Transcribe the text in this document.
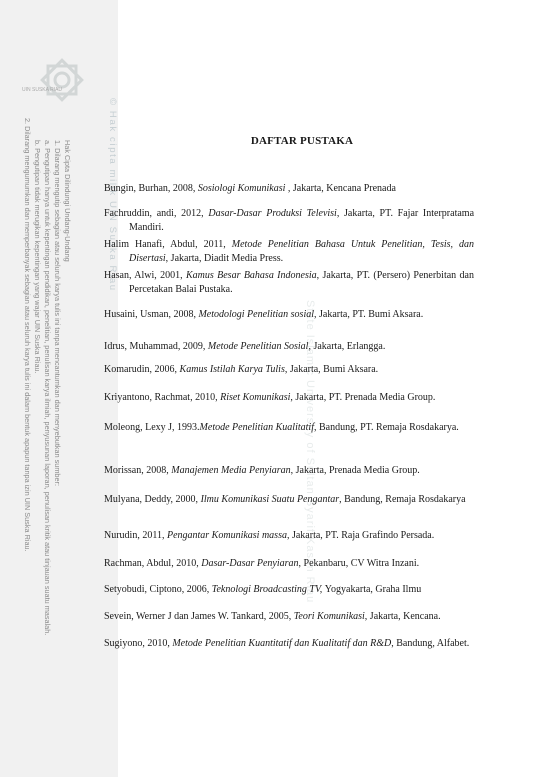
UIN SUSKA RIAU
Hak Cipta Dilindungi Undang-Undang
1. Dilarang mengutip sebagian atau seluruh karya tulis ini tanpa mencantumkan dan menyebutkan sumber:
a. Pengutipan hanya untuk kepentingan pendidikan, penelitian, penulisan karya ilmiah, penyusunan laporan, penulisan kritik atau tinjauan suatu masalah.
b. Pengutipan tidak merugikan kepentingan yang wajar UIN Suska Riau.
2. Dilarang mengumumkan dan memperbanyak sebagian atau seluruh karya tulis ini dalam bentuk apapun tanpa izin UIN Suska Riau.	© Hak cipta milik UIN Suska Riau
State Islamic University of Sultan Syarif Kasim Riau
DAFTAR PUSTAKA
Bungin, Burhan, 2008, Sosiologi Komunikasi , Jakarta, Kencana Prenada
Fachruddin, andi, 2012, Dasar-Dasar Produksi Televisi, Jakarta, PT. Fajar Interpratama Mandiri.
Halim Hanafi, Abdul, 2011, Metode Penelitian Bahasa Untuk Penelitian, Tesis, dan Disertasi, Jakarta, Diadit Media Press.
Hasan, Alwi, 2001, Kamus Besar Bahasa Indonesia, Jakarta, PT. (Persero) Penerbitan dan Percetakan Balai Pustaka.
Husaini, Usman, 2008, Metodologi Penelitian sosial, Jakarta, PT. Bumi Aksara.
Idrus, Muhammad, 2009, Metode Penelitian Sosial, Jakarta, Erlangga.
Komarudin, 2006, Kamus Istilah Karya Tulis, Jakarta, Bumi Aksara.
Kriyantono, Rachmat, 2010, Riset Komunikasi, Jakarta, PT. Prenada Media Group.
Moleong, Lexy J, 1993.Metode Penelitian Kualitatif, Bandung, PT. Remaja Rosdakarya.
Morissan, 2008, Manajemen Media Penyiaran, Jakarta, Prenada Media Group.
Mulyana, Deddy, 2000, Ilmu Komunikasi Suatu Pengantar, Bandung, Remaja Rosdakarya
Nurudin, 2011, Pengantar Komunikasi massa, Jakarta, PT. Raja Grafindo Persada.
Rachman, Abdul, 2010, Dasar-Dasar Penyiaran, Pekanbaru, CV Witra Inzani.
Setyobudi, Ciptono, 2006, Teknologi Broadcasting TV, Yogyakarta, Graha Ilmu
Sevein, Werner J dan James W. Tankard, 2005, Teori Komunikasi, Jakarta, Kencana.
Sugiyono, 2010, Metode Penelitian Kuantitatif dan Kualitatif dan R&D, Bandung, Alfabet.
